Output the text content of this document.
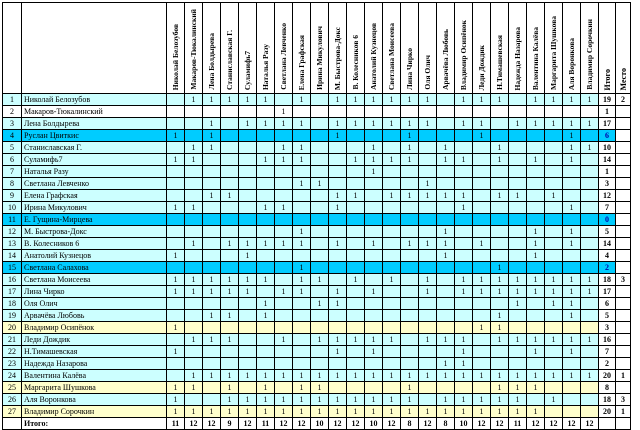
		Николай Белозубов	Макаров-Тюкалинский	Лена Болдырева	Станиславская Г.	Суламифь7	Наталья Разу	Светлана Левченко	Елена Графская	Ирина Микулович	М. Быстрова-Докс	В. Колесников 6	Анатолий Кузнецов	Светлана Моисеева	Лина Чирко	Оля Олич	Арвачёва Любовь	Владимир Осипёнок	Леди Дождик	Н.Тимашевская	Надежда Назарова	Валентина Калёва	Маргарита Шушкова	Аля Воронкова	Владимир Сорочкин	Итого	Место
1	Николай Белозубов		1	1	1	1	1		1		1	1	1	1	1	1		1	1	1		1	1	1	1	19	2
2	Макаров-Тюкалинский							1																		1	
3	Лена Болдырева			1		1	1	1	1		1	1	1	1	1	1		1	1		1	1	1	1	1	17	
4	Руслан Цвиткис	1		1							1				1				1					1		6	
5	Станиславская Г.		1	1				1	1				1		1		1			1				1	1	10	
6	Суламифь7	1	1				1	1	1			1	1	1	1		1	1		1		1		1		14	
7	Наталья Разу												1													1	
8	Светлана Левченко								1	1						1										3	
9	Елена Графская			1	1						1	1		1	1	1	1	1		1	1		1			12	
10	Ирина Микулович	1	1				1	1			1							1						1		7	
11	Е. Гущина-Мирцева																									0	
12	М. Быстрова-Докс								1								1					1		1		5	
13	В. Колесников 6		1		1	1	1	1	1		1		1		1	1	1		1			1		1		14	
14	Анатолий Кузнецов	1				1											1					1				4	
15	Светлана Салахова								1											1						2	
16	Светлана Моисеева	1	1	1	1	1	1		1	1		1		1		1		1	1	1	1	1	1	1	1	18	3
17	Лина Чирко	1	1	1	1	1		1	1		1		1			1		1	1	1	1	1	1	1	1	17	
18	Оля Олич						1			1	1										1		1	1		6	
19	Арвачёва Любовь			1	1		1													1				1		5	
20	Владимир Осипёнок	1																	1	1						3	
21	Леди Дождик		1	1	1			1		1	1	1	1	1		1	1	1		1	1	1	1	1	1	16	
22	Н.Тимашевская	1									1		1					1				1		1		7	
23	Надежда Назарова																1	1								2	
24	Валентина Калёва		1	1	1	1	1	1	1	1	1	1	1	1	1	1	1	1	1	1	1	1	1	1	1	20	1
25	Маргарита Шушкова	1	1		1		1		1	1					1					1	1	1				8	
26	Аля Воронкова	1			1	1	1	1	1	1	1	1	1	1	1		1	1	1	1	1		1			18	3
27	Владимир Сорочкин	1	1	1	1	1	1	1	1	1	1	1	1	1	1	1	1	1	1	1	1	1				20	1
	Итого:	11	12	12	9	12	11	12	12	10	12	12	10	12	8	12	8	10	12	12	11	12	12	12	12		
